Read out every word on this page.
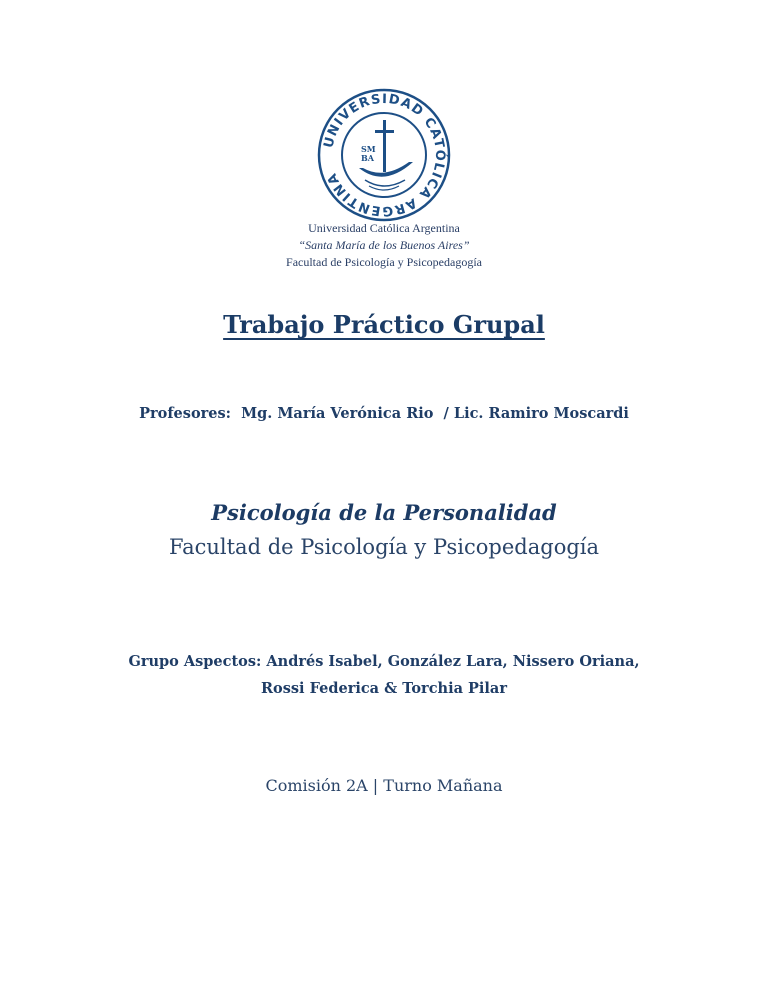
UNIVERSIDAD CATÓLICA ARGENTINA
SM
BA
Universidad Católica Argentina
“Santa María de los Buenos Aires”
Facultad de Psicología y Psicopedagogía
Trabajo Práctico Grupal
Profesores:  Mg. María Verónica Rio  / Lic. Ramiro Moscardi
Psicología de la Personalidad
Facultad de Psicología y Psicopedagogía
Grupo Aspectos: Andrés Isabel, González Lara, Nissero Oriana,
Rossi Federica & Torchia Pilar
Comisión 2A | Turno Mañana
